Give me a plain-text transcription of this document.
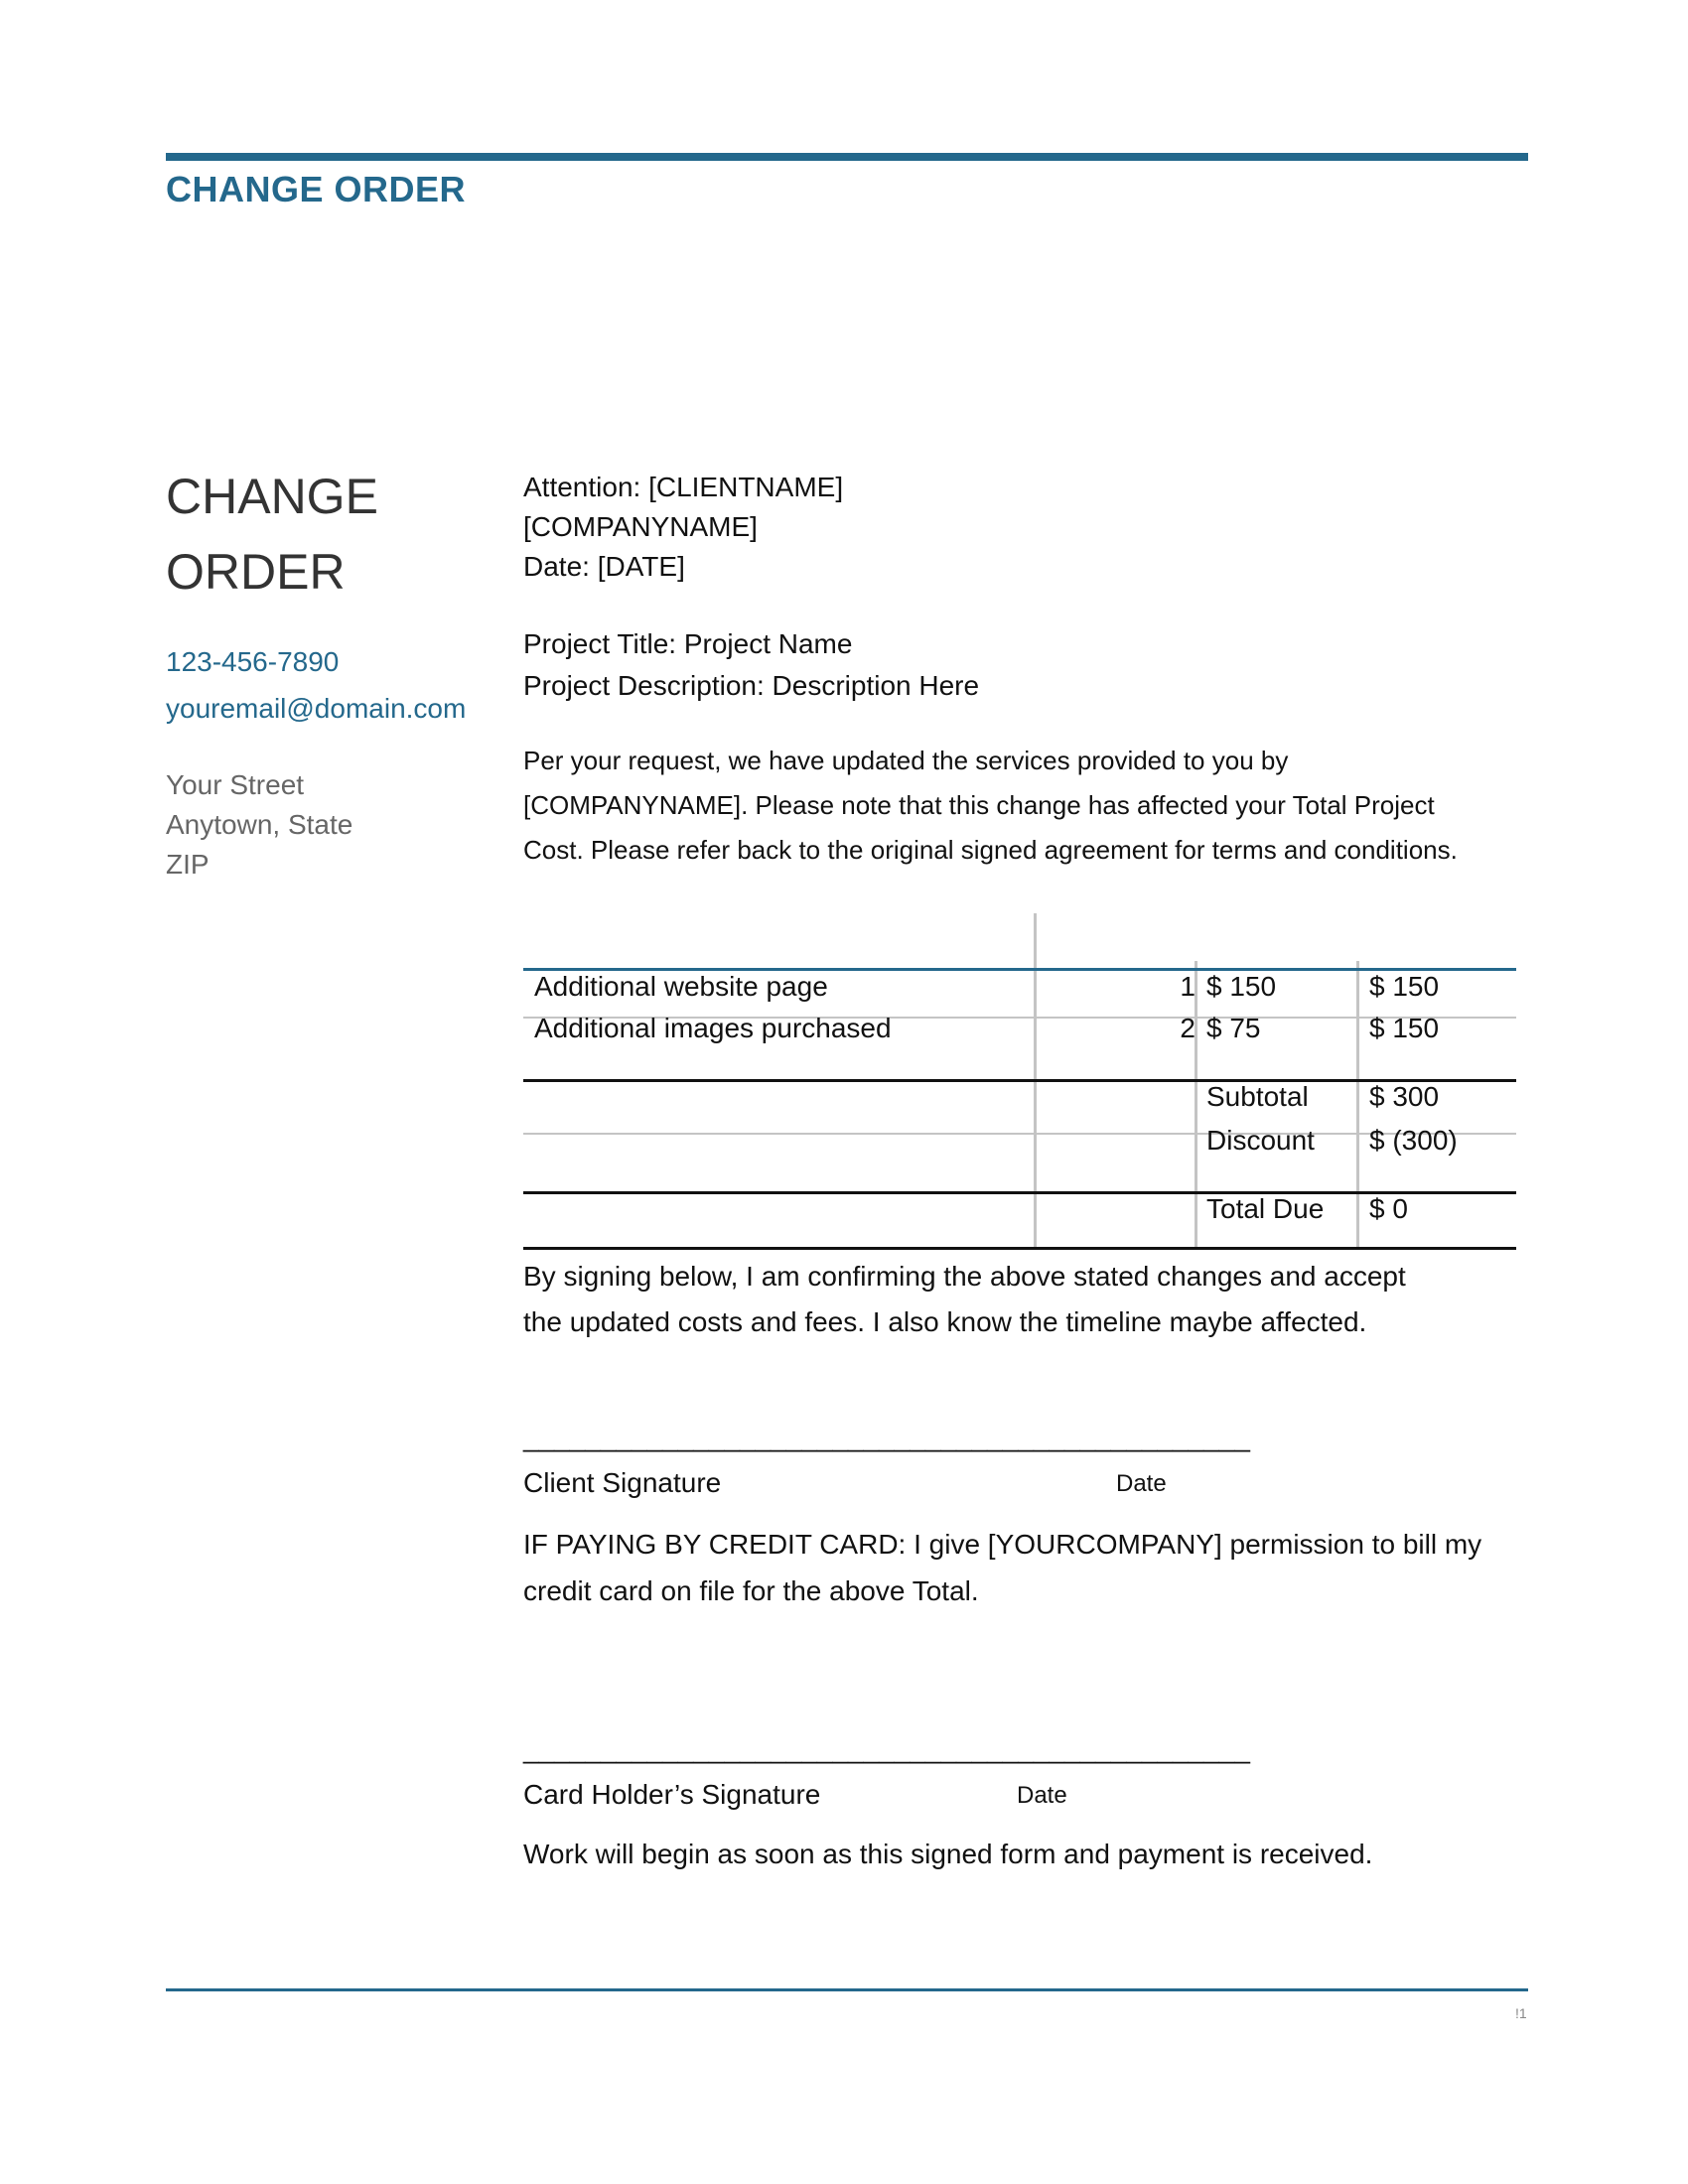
CHANGE ORDER
CHANGE
ORDER
123-456-7890
youremail@domain.com
Your Street
Anytown, State
ZIP
Attention: [CLIENTNAME]
[COMPANYNAME]
Date: [DATE]
Project Title: Project Name
Project Description: Description Here
Per your request, we have updated the services provided to you by
[COMPANYNAME]. Please note that this change has affected your Total Project
Cost. Please refer back to the original signed agreement for terms and conditions.
Additional website page	1 $ 150	$ 150
Additional images purchased	2 $ 75	$ 150
Subtotal $ 300
Discount $ (300)
Total Due $ 0
By signing below, I am confirming the above stated changes and accept
the updated costs and fees. I also know the timeline maybe affected.
_______________________________________________
Client Signature	Date
IF PAYING BY CREDIT CARD: I give [YOURCOMPANY] permission to bill my
credit card on file for the above Total.
_______________________________________________
Card Holder’s Signature	Date
Work will begin as soon as this signed form and payment is received.
!1
